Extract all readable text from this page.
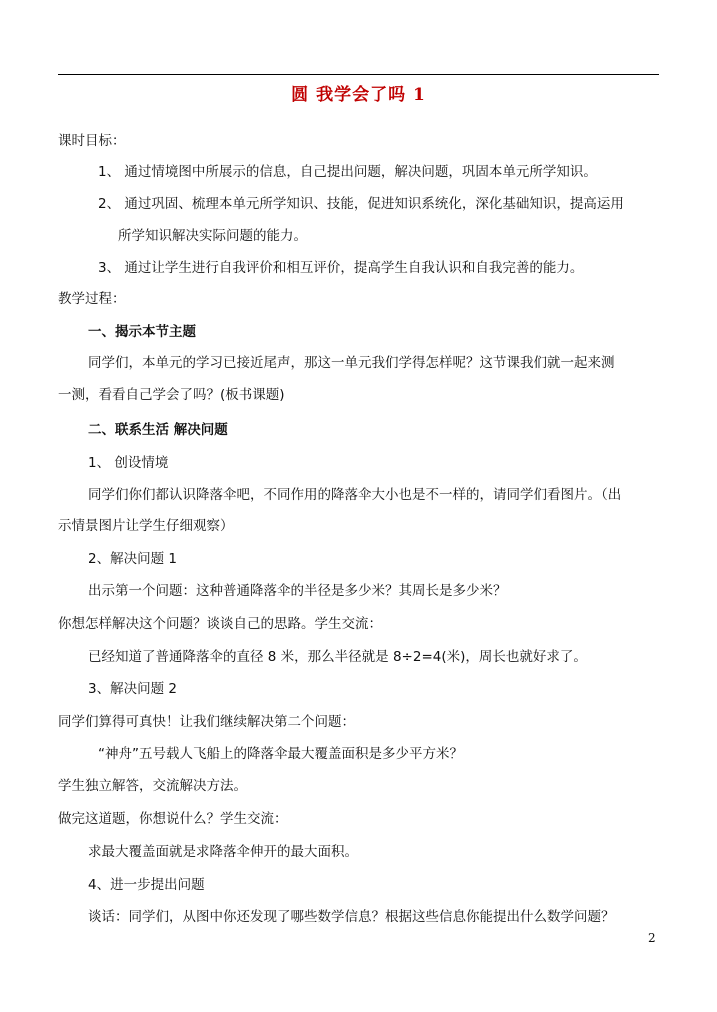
圆 我学会了吗 1
课时目标：
1、 通过情境图中所展示的信息，自己提出问题，解决问题，巩固本单元所学知识。
2、 通过巩固、梳理本单元所学知识、技能，促进知识系统化，深化基础知识，提高运用
所学知识解决实际问题的能力。
3、 通过让学生进行自我评价和相互评价，提高学生自我认识和自我完善的能力。
教学过程：
一、揭示本节主题
同学们，本单元的学习已接近尾声，那这一单元我们学得怎样呢？这节课我们就一起来测
一测，看看自己学会了吗？(板书课题)
二、联系生活 解决问题
1、 创设情境
同学们你们都认识降落伞吧，不同作用的降落伞大小也是不一样的，请同学们看图片。（出
示情景图片让学生仔细观察）
2、解决问题 1
出示第一个问题：这种普通降落伞的半径是多少米？其周长是多少米？
你想怎样解决这个问题？谈谈自己的思路。学生交流：
已经知道了普通降落伞的直径 8 米，那么半径就是 8÷2=4(米)，周长也就好求了。
3、解决问题 2
同学们算得可真快！让我们继续解决第二个问题：
“神舟”五号载人飞船上的降落伞最大覆盖面积是多少平方米？
学生独立解答，交流解决方法。
做完这道题，你想说什么？学生交流：
求最大覆盖面就是求降落伞伸开的最大面积。
4、进一步提出问题
谈话：同学们，从图中你还发现了哪些数学信息？根据这些信息你能提出什么数学问题？
2
